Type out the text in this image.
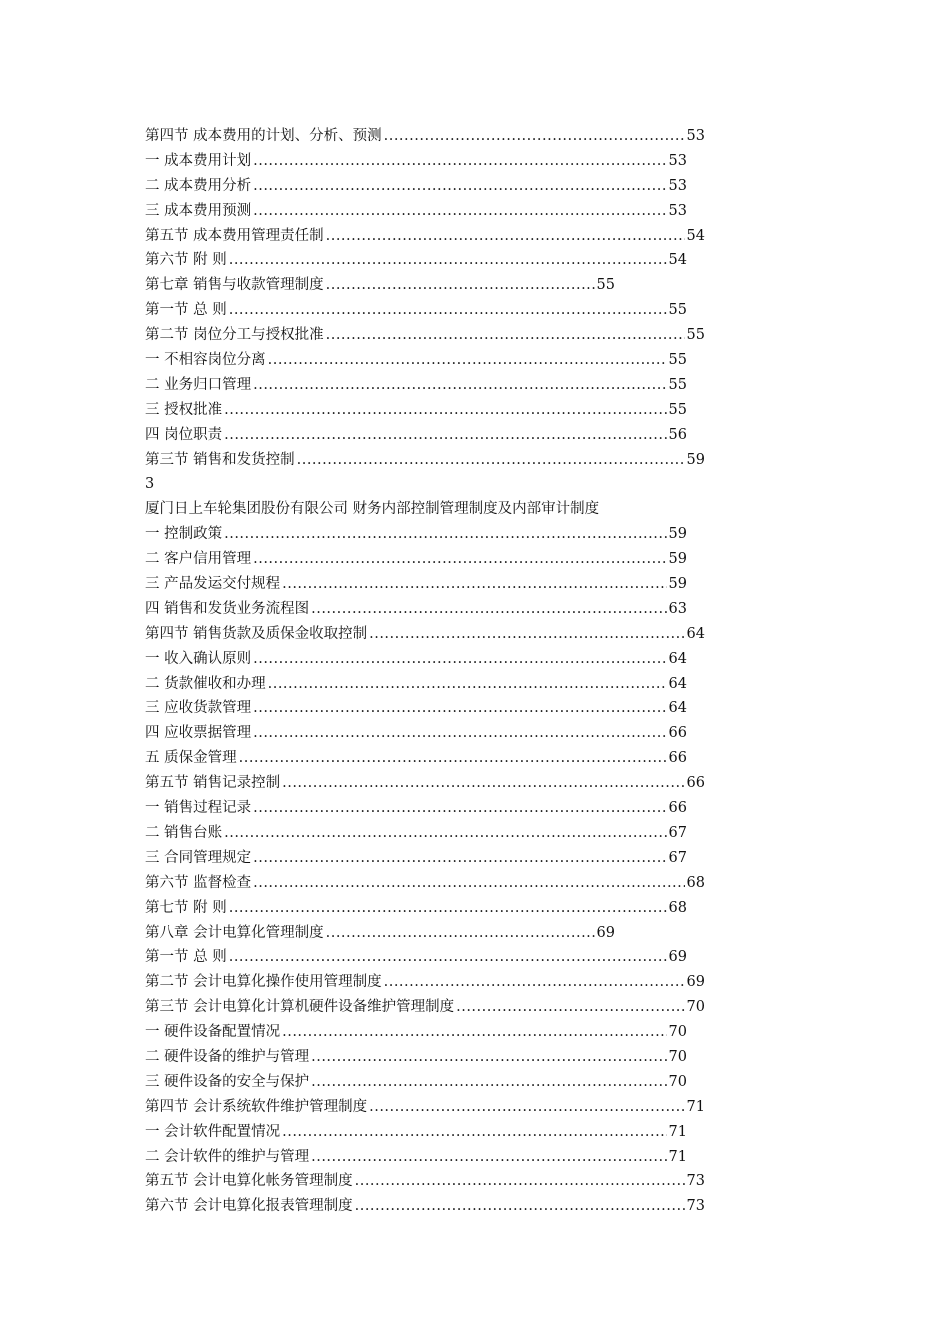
第四节 成本费用的计划、分析、预测 .....	53
一 成本费用计划 .....	53
二 成本费用分析 .....	53
三 成本费用预测 .....	53
第五节 成本费用管理责任制 .....	54
第六节 附 则 .....	54
第七章 销售与收款管理制度 .....	55
第一节 总 则 .....	55
第二节 岗位分工与授权批准 .....	55
一 不相容岗位分离 .....	55
二 业务归口管理 .....	55
三 授权批准 .....	55
四 岗位职责 .....	56
第三节 销售和发货控制 .....	59
3
厦门日上车轮集团股份有限公司 财务内部控制管理制度及内部审计制度
一 控制政策 .....	59
二 客户信用管理 .....	59
三 产品发运交付规程 .....	59
四 销售和发货业务流程图 .....	63
第四节 销售货款及质保金收取控制 .....	64
一 收入确认原则 .....	64
二 货款催收和办理 .....	64
三 应收货款管理 .....	64
四 应收票据管理 .....	66
五 质保金管理 .....	66
第五节 销售记录控制 .....	66
一 销售过程记录 .....	66
二 销售台账 .....	67
三 合同管理规定 .....	67
第六节 监督检查 .....	68
第七节 附 则 .....	68
第八章 会计电算化管理制度 .....	69
第一节 总 则 .....	69
第二节 会计电算化操作使用管理制度 .....	69
第三节 会计电算化计算机硬件设备维护管理制度 .....	70
一 硬件设备配置情况 .....	70
二 硬件设备的维护与管理 .....	70
三 硬件设备的安全与保护 .....	70
第四节 会计系统软件维护管理制度 .....	71
一 会计软件配置情况 .....	71
二 会计软件的维护与管理 .....	71
第五节 会计电算化帐务管理制度 .....	73
第六节 会计电算化报表管理制度 .....	73
